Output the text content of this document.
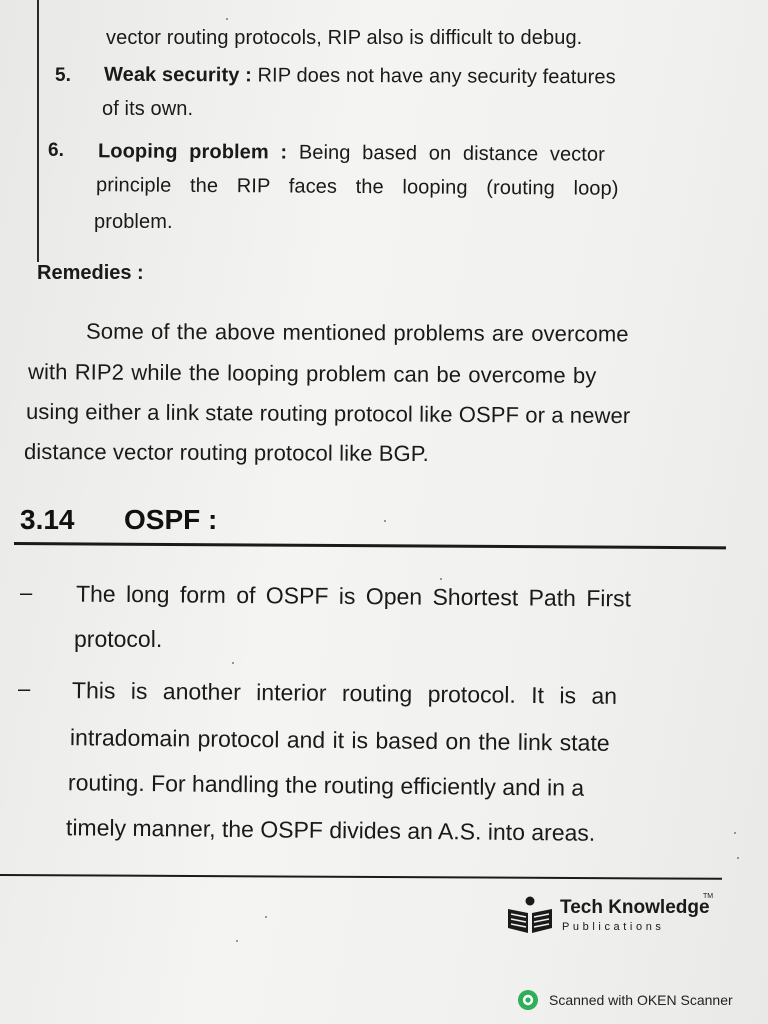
vector routing protocols, RIP also is difficult to debug.
5. Weak security : RIP does not have any security features
of its own.
6. Looping problem : Being based on distance vector
principle the RIP faces the looping (routing loop)
problem.
Remedies :
Some of the above mentioned problems are overcome
with RIP2 while the looping problem can be overcome by
using either a link state routing protocol like OSPF or a newer
distance vector routing protocol like BGP.
3.14 OSPF :
– The long form of OSPF is Open Shortest Path First
protocol.
– This is another interior routing protocol. It is an
intradomain protocol and it is based on the link state
routing. For handling the routing efficiently and in a
timely manner, the OSPF divides an A.S. into areas.
Tech Knowledge
TM
Publications
Scanned with OKEN Scanner
